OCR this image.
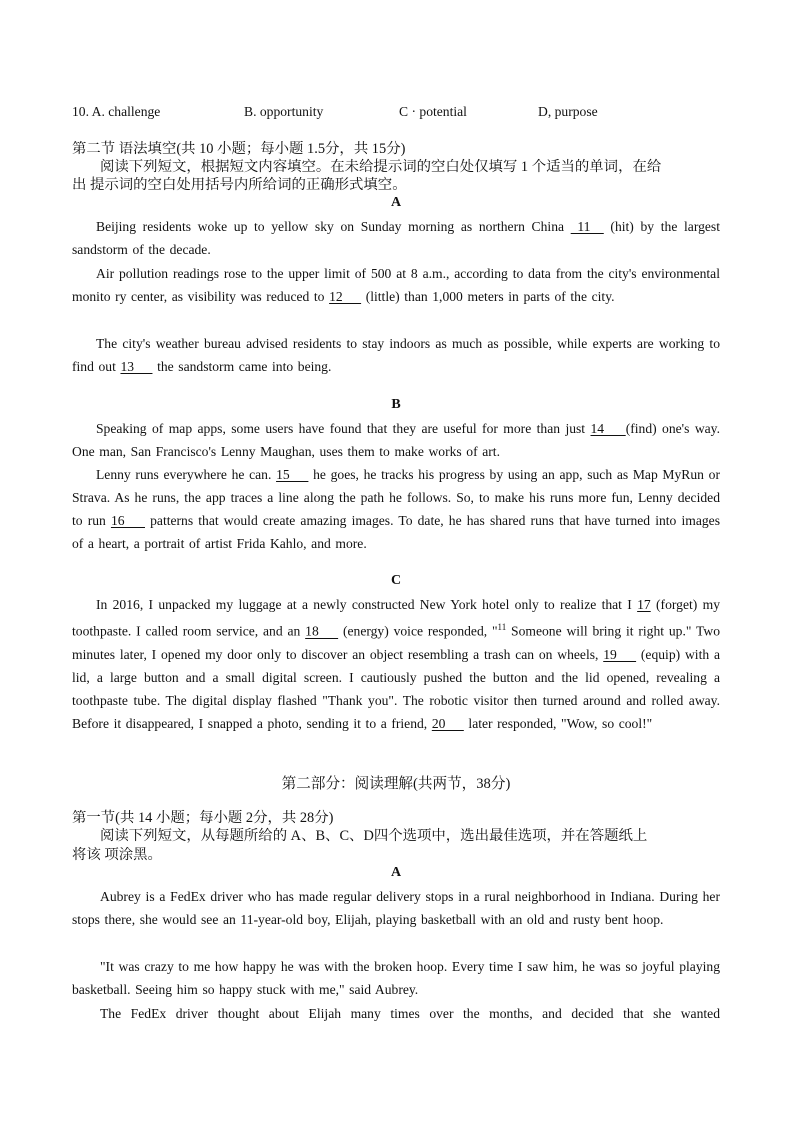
10. A. challenge	B. opportunity	C · potential	D, purpose
第二节 语法填空(共 10 小题；每小题 1.5分，共 15分)
阅读下列短文，根据短文内容填空。在未给提示词的空白处仅填写 1 个适当的单词，在给
出 提示词的空白处用括号内所给词的正确形式填空。
A
Beijing residents woke up to yellow sky on Sunday morning as northern China  11   (hit) by the largest sandstorm of the decade.
Air pollution readings rose to the upper limit of 500 at 8 a.m., according to data from the city's environmental monito ry center, as visibility was reduced to 12     (little) than 1,000 meters in parts of the city.
The city's weather bureau advised residents to stay indoors as much as possible, while experts are working to find out 13     the sandstorm came into being.
B
Speaking of map apps, some users have found that they are useful for more than just 14    (find) one's way. One man, San Francisco's Lenny Maughan, uses them to make works of art.
Lenny runs everywhere he can. 15     he goes, he tracks his progress by using an app, such as Map MyRun or Strava. As he runs, the app traces a line along the path he follows. So, to make his runs more fun, Lenny decided to run 16     patterns that would create amazing images. To date, he has shared runs that have turned into images of a heart, a portrait of artist Frida Kahlo, and more.
C
In 2016, I unpacked my luggage at a newly constructed New York hotel only to realize that I 17 (forget) my toothpaste. I called room service, and an 18     (energy) voice responded, "$^{11}$ Someone will bring it right up." Two minutes later, I opened my door only to discover an object resembling a trash can on wheels, 19     (equip) with a lid, a large button and a small digital screen. I cautiously pushed the button and the lid opened, revealing a toothpaste tube. The digital display flashed "Thank you". The robotic visitor then turned around and rolled away. Before it disappeared, I snapped a photo, sending it to a friend, 20     later responded, "Wow, so cool!"
第二部分：阅读理解(共两节，38分)
第一节(共 14 小题；每小题 2分，共 28分)
阅读下列短文，从每题所给的 A、B、C、D四个选项中，选出最佳选项，并在答题纸上
将该 项涂黑。
A
Aubrey is a FedEx driver who has made regular delivery stops in a rural neighborhood in Indiana. During her stops there, she would see an 11-year-old boy, Elijah, playing basketball with an old and rusty bent hoop.
"It was crazy to me how happy he was with the broken hoop. Every time I saw him, he was so joyful playing basketball. Seeing him so happy stuck with me," said Aubrey.
The FedEx driver thought about Elijah many times over the months, and decided that she wanted
